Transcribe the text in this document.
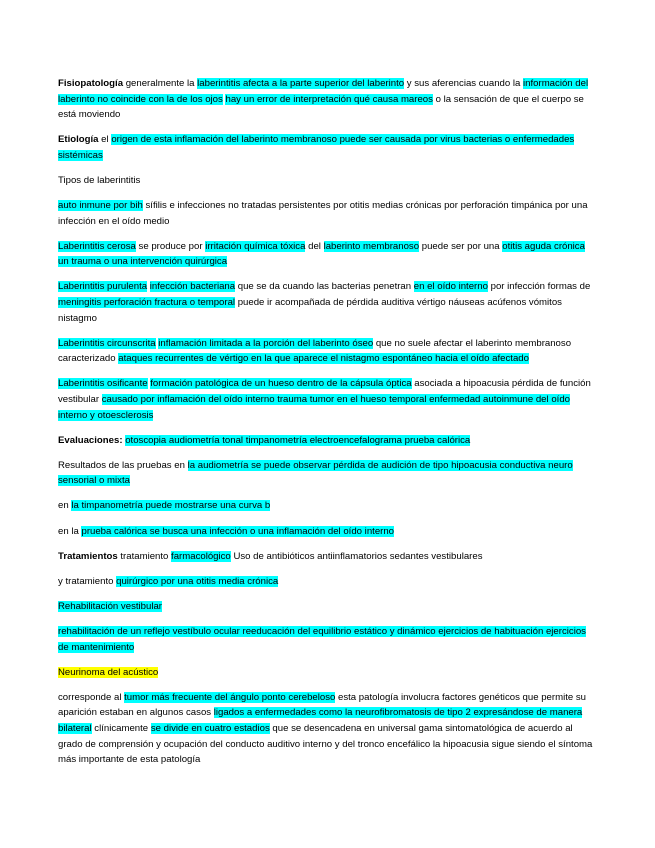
Fisiopatología generalmente la laberintitis afecta a la parte superior del laberinto y sus aferencias cuando la información del laberinto no coincide con la de los ojos hay un error de interpretación qué causa mareos o la sensación de que el cuerpo se está moviendo

Etiología el origen de esta inflamación del laberinto membranoso puede ser causada por virus bacterias o enfermedades sistémicas

Tipos de laberintitis

auto inmune por bih sífilis e infecciones no tratadas persistentes por otitis medias crónicas por perforación timpánica por una infección en el oído medio

Laberintitis cerosa se produce por irritación química tóxica del laberinto membranoso puede ser por una otitis aguda crónica un trauma o una intervención quirúrgica

Laberintitis purulenta infección bacteriana que se da cuando las bacterias penetran en el oído interno por infección formas de meningitis perforación fractura o temporal puede ir acompañada de pérdida auditiva vértigo náuseas acúfenos vómitos nistagmo

Laberintitis circunscrita inflamación limitada a la porción del laberinto óseo que no suele afectar el laberinto membranoso caracterizado ataques recurrentes de vértigo en la que aparece el nistagmo espontáneo hacia el oído afectado

Laberintitis osificante formación patológica de un hueso dentro de la cápsula óptica asociada a hipoacusia pérdida de función vestibular causado por inflamación del oído interno trauma tumor en el hueso temporal enfermedad autoinmune del oído interno y otoesclerosis

Evaluaciones: otoscopia audiometría tonal timpanometría electroencefalograma prueba calórica

Resultados de las pruebas en la audiometría se puede observar pérdida de audición de tipo hipoacusia conductiva neuro sensorial o mixta

en la timpanometría puede mostrarse una curva b

en la prueba calórica se busca una infección o una inflamación del oído interno

Tratamientos tratamiento farmacológico Uso de antibióticos antiinflamatorios sedantes vestibulares

y tratamiento quirúrgico por una otitis media crónica

Rehabilitación vestibular

rehabilitación de un reflejo vestíbulo ocular reeducación del equilibrio estático y dinámico ejercicios de habituación ejercicios de mantenimiento

Neurinoma del acústico

corresponde al tumor más frecuente del ángulo ponto cerebeloso esta patología involucra factores genéticos que permite su aparición estaban en algunos casos ligados a enfermedades como la neurofibromatosis de tipo 2 expresándose de manera bilateral clínicamente se divide en cuatro estadios que se desencadena en universal gama sintomatológica de acuerdo al grado de comprensión y ocupación del conducto auditivo interno y del tronco encefálico la hipoacusia sigue siendo el síntoma más importante de esta patología
